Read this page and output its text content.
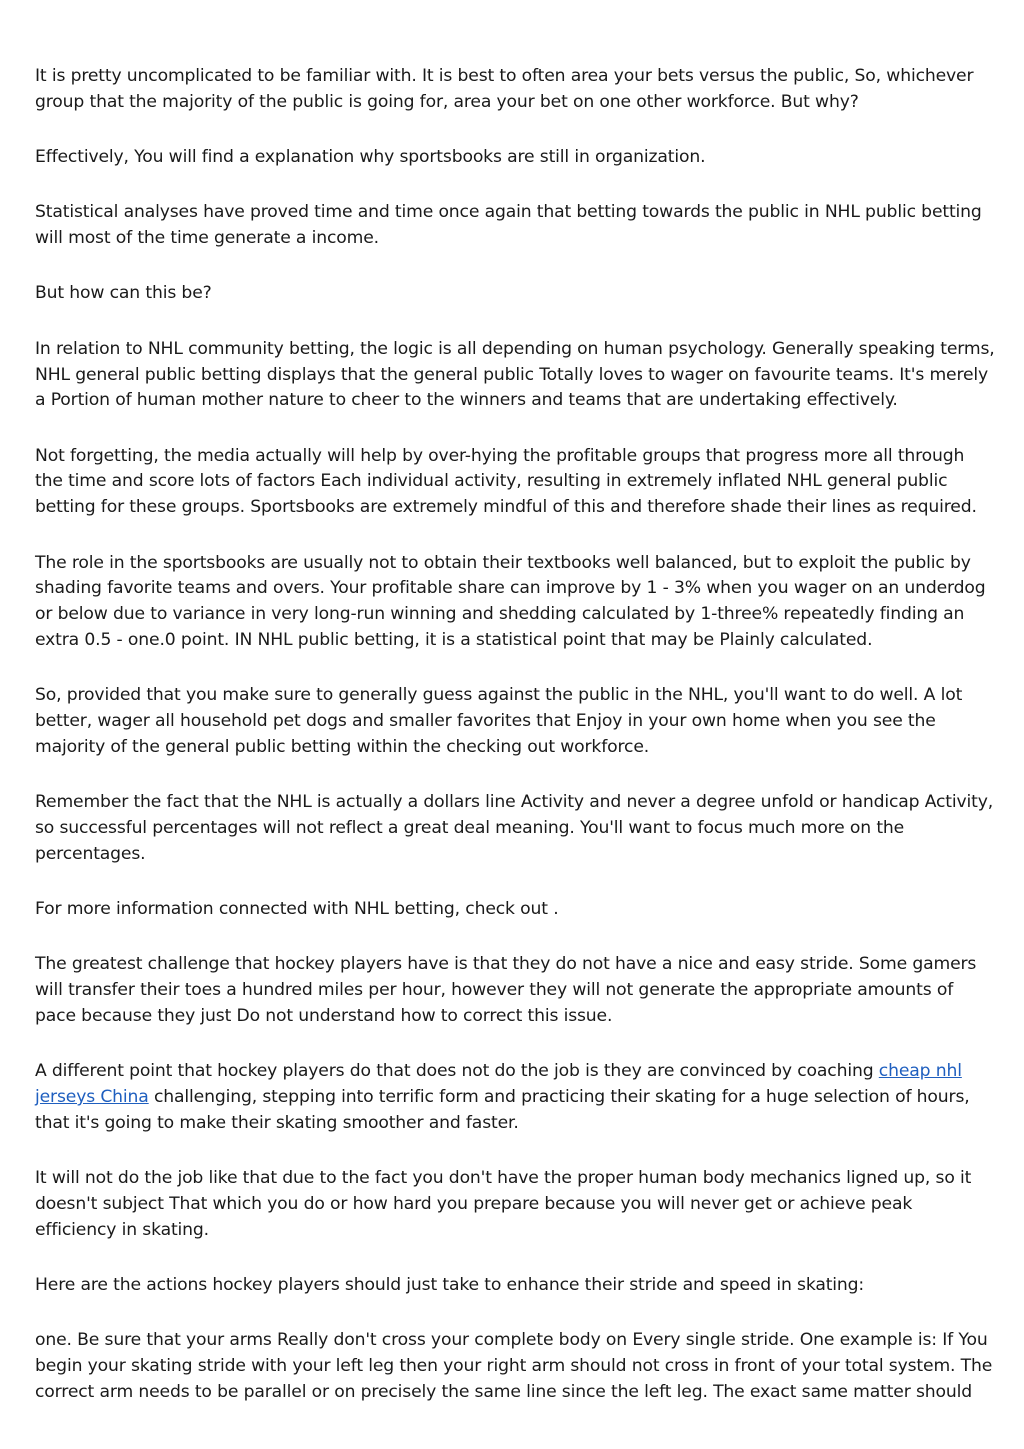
It is pretty uncomplicated to be familiar with. It is best to often area your bets versus the public, So, whichever group that the majority of the public is going for, area your bet on one other workforce. But why?

Effectively, You will find a explanation why sportsbooks are still in organization.

Statistical analyses have proved time and time once again that betting towards the public in NHL public betting will most of the time generate a income.

But how can this be?

In relation to NHL community betting, the logic is all depending on human psychology. Generally speaking terms, NHL general public betting displays that the general public Totally loves to wager on favourite teams. It's merely a Portion of human mother nature to cheer to the winners and teams that are undertaking effectively.

Not forgetting, the media actually will help by over-hying the profitable groups that progress more all through the time and score lots of factors Each individual activity, resulting in extremely inflated NHL general public betting for these groups. Sportsbooks are extremely mindful of this and therefore shade their lines as required.

The role in the sportsbooks are usually not to obtain their textbooks well balanced, but to exploit the public by shading favorite teams and overs. Your profitable share can improve by 1 - 3% when you wager on an underdog or below due to variance in very long-run winning and shedding calculated by 1-three% repeatedly finding an extra 0.5 - one.0 point. IN NHL public betting, it is a statistical point that may be Plainly calculated.

So, provided that you make sure to generally guess against the public in the NHL, you'll want to do well. A lot better, wager all household pet dogs and smaller favorites that Enjoy in your own home when you see the majority of the general public betting within the checking out workforce.

Remember the fact that the NHL is actually a dollars line Activity and never a degree unfold or handicap Activity, so successful percentages will not reflect a great deal meaning. You'll want to focus much more on the percentages.

For more information connected with NHL betting, check out .

The greatest challenge that hockey players have is that they do not have a nice and easy stride. Some gamers will transfer their toes a hundred miles per hour, however they will not generate the appropriate amounts of pace because they just Do not understand how to correct this issue.

A different point that hockey players do that does not do the job is they are convinced by coaching cheap nhl jerseys China challenging, stepping into terrific form and practicing their skating for a huge selection of hours, that it's going to make their skating smoother and faster.

It will not do the job like that due to the fact you don't have the proper human body mechanics ligned up, so it doesn't subject That which you do or how hard you prepare because you will never get or achieve peak efficiency in skating.

Here are the actions hockey players should just take to enhance their stride and speed in skating:

one. Be sure that your arms Really don't cross your complete body on Every single stride. One example is: If You begin your skating stride with your left leg then your right arm should not cross in front of your total system. The correct arm needs to be parallel or on precisely the same line since the left leg. The exact same matter should
